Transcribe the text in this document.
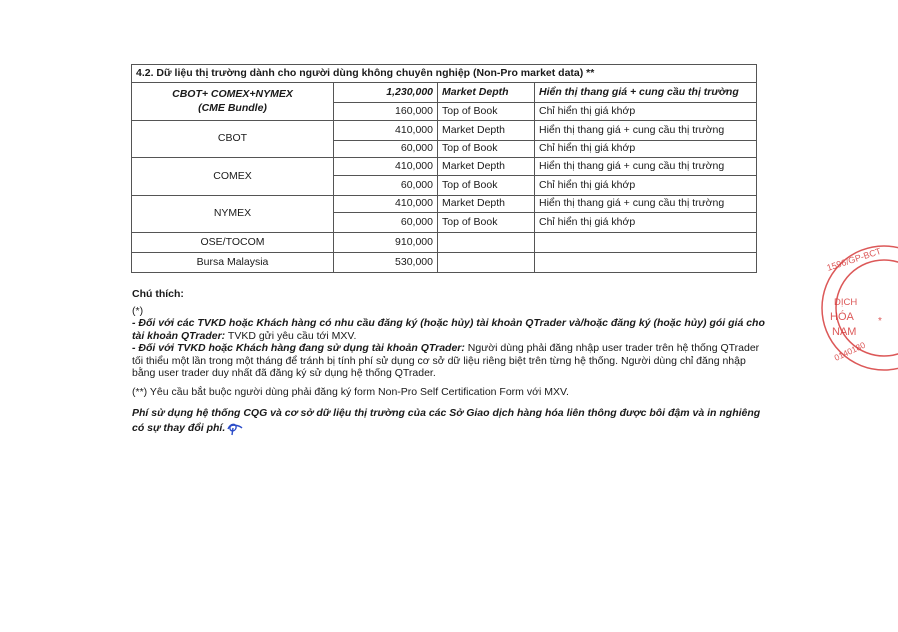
4.2. Dữ liệu thị trường dành cho người dùng không chuyên nghiệp (Non-Pro market data) **			
CBOT+ COMEX+NYMEX
(CME Bundle)	1,230,000	Market Depth	Hiển thị thang giá + cung cầu thị trường
	160,000	Top of Book	Chỉ hiển thị giá khớp
CBOT	410,000	Market Depth	Hiển thị thang giá + cung cầu thị trường
	60,000	Top of Book	Chỉ hiển thị giá khớp
COMEX	410,000	Market Depth	Hiển thị thang giá + cung cầu thị trường
	60,000	Top of Book	Chỉ hiển thị giá khớp
NYMEX	410,000	Market Depth	Hiển thị thang giá + cung cầu thị trường
	60,000	Top of Book	Chỉ hiển thị giá khớp
OSE/TOCOM	910,000		
Bursa Malaysia	530,000		

Chú thích:

(*)

- Đối với các TVKD hoặc Khách hàng có nhu cầu đăng ký (hoặc hủy) tài khoản QTrader và/hoặc đăng ký (hoặc hủy) gói giá cho tài khoản QTrader: TVKD gửi yêu cầu tới MXV.

- Đối với TVKD hoặc Khách hàng đang sử dụng tài khoản QTrader: Người dùng phải đăng nhập user trader trên hệ thống QTrader tối thiểu một lần trong một tháng để tránh bị tính phí sử dụng cơ sở dữ liệu riêng biệt trên từng hệ thống. Người dùng chỉ đăng nhập bằng user trader duy nhất đã đăng ký sử dụng hệ thống QTrader.

(**) Yêu cầu bắt buộc người dùng phải đăng ký form Non-Pro Self Certification Form với MXV.

Phí sử dụng hệ thống CQG và cơ sở dữ liệu thị trường của các Sở Giao dịch hàng hóa liên thông được bôi đậm và in nghiêng có sự thay đổi phí.

1596/GP-BCT
DỊCH
HÓA
NAM
0140180
*
